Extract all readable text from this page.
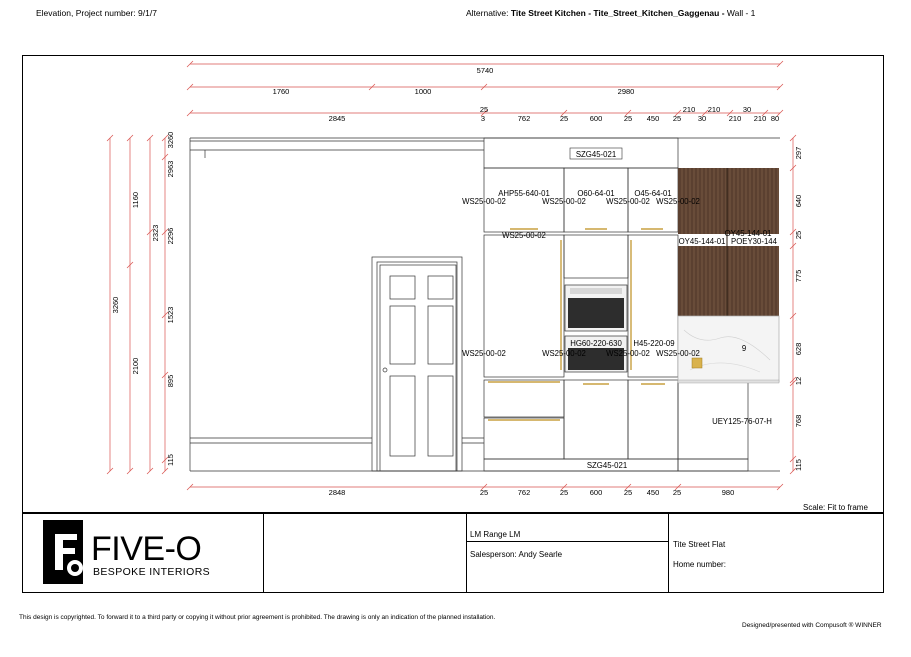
Elevation, Project number: 9/1/7	Alternative: Tite Street Kitchen - Tite_Street_Kitchen_Gaggenau - Wall - 1
5740
1760	1000	2980
25	210 210	30
2845	3	762	25	600	25 450 25 30	210 210 80
2848	25	762	25	600	25 450 25	980
3260
1160
2100
2323
3260
2963
2296
1523
895
115
297
640
25
775
628
12
768
115
SZG45-021
AHP55-640-01	O60-64-01	O45-64-01
WS25-00-02	WS25-00-02	WS25-00-02 WS25-00-02
WS25-00-02	OY45-144-01
OY45-144-01 POEY30-144
WS25-00-02	WS25-00-02	WS25-00-02 WS25-00-02
HG60-220-630 H45-220-09
9
UEY125-76-07-H
SZG45-021
Scale: Fit to frame
FIVE-O
BESPOKE INTERIORS
LM Range LM
Salesperson: Andy Searle
Tite Street Flat
Home number:
This design is copyrighted. To forward it to a third party or copying it without prior agreement is prohibited. The drawing is only an indication of the planned installation.
Designed/presented with Compusoft ® WINNER
